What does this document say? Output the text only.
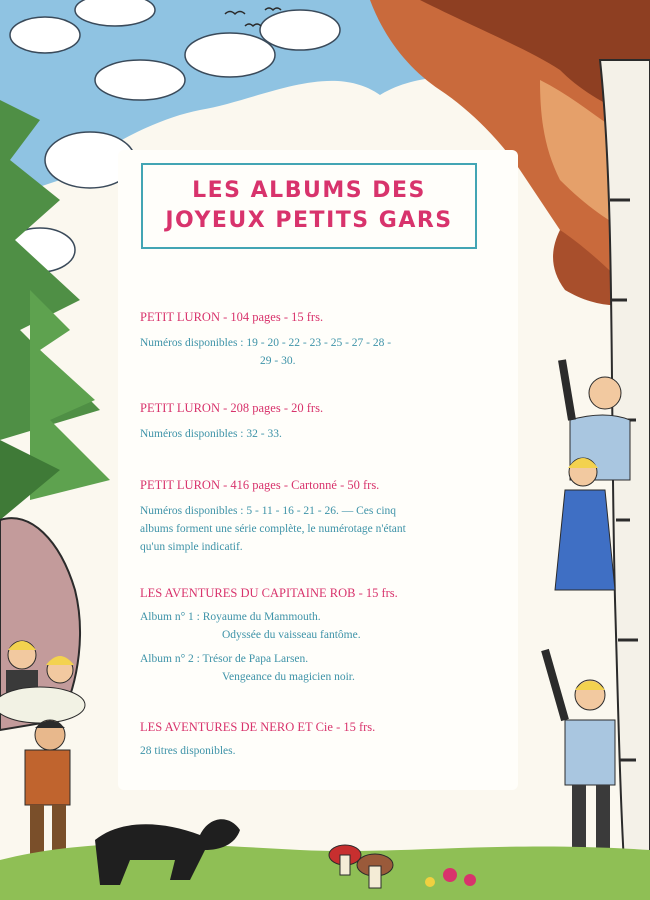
LES ALBUMS DES
JOYEUX PETITS GARS
PETIT LURON - 104 pages - 15 frs.
Numéros disponibles : 19 - 20 - 22 - 23 - 25 - 27 - 28 -
29 - 30.
PETIT LURON - 208 pages - 20 frs.
Numéros disponibles : 32 - 33.
PETIT LURON - 416 pages - Cartonné - 50 frs.
Numéros disponibles : 5 - 11 - 16 - 21 - 26. — Ces cinq
albums forment une série complète, le numérotage n'étant
qu'un simple indicatif.
LES AVENTURES DU CAPITAINE ROB - 15 frs.
Album n° 1 : Royaume du Mammouth.
Odyssée du vaisseau fantôme.
Album n° 2 : Trésor de Papa Larsen.
Vengeance du magicien noir.
LES AVENTURES DE NERO ET Cie - 15 frs.
28 titres disponibles.
